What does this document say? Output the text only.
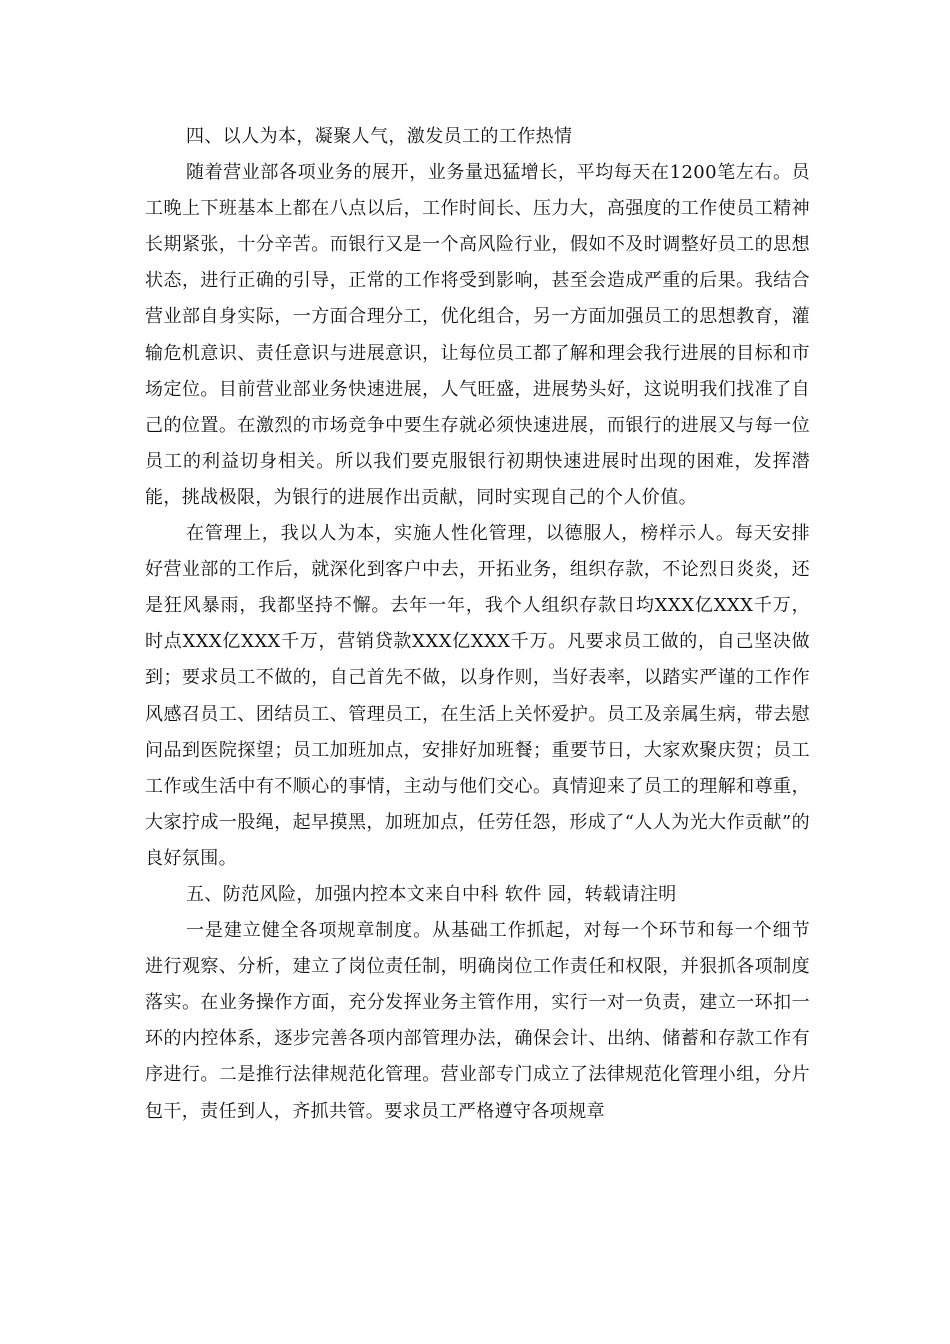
四、以人为本，凝聚人气，激发员工的工作热情

随着营业部各项业务的展开，业务量迅猛增长，平均每天在1200笔左右。员工晚上下班基本上都在八点以后，工作时间长、压力大，高强度的工作使员工精神长期紧张，十分辛苦。而银行又是一个高风险行业，假如不及时调整好员工的思想状态，进行正确的引导，正常的工作将受到影响，甚至会造成严重的后果。我结合营业部自身实际，一方面合理分工，优化组合，另一方面加强员工的思想教育，灌输危机意识、责任意识与进展意识，让每位员工都了解和理会我行进展的目标和市场定位。目前营业部业务快速进展，人气旺盛，进展势头好，这说明我们找准了自己的位置。在激烈的市场竞争中要生存就必须快速进展，而银行的进展又与每一位员工的利益切身相关。所以我们要克服银行初期快速进展时出现的困难，发挥潜能，挑战极限，为银行的进展作出贡献，同时实现自己的个人价值。

在管理上，我以人为本，实施人性化管理，以德服人，榜样示人。每天安排好营业部的工作后，就深化到客户中去，开拓业务，组织存款，不论烈日炎炎，还是狂风暴雨，我都坚持不懈。去年一年，我个人组织存款日均XXX亿XXX千万，时点XXX亿XXX千万，营销贷款XXX亿XXX千万。凡要求员工做的，自己坚决做到；要求员工不做的，自己首先不做，以身作则，当好表率，以踏实严谨的工作作风感召员工、团结员工、管理员工，在生活上关怀爱护。员工及亲属生病，带去慰问品到医院探望；员工加班加点，安排好加班餐；重要节日，大家欢聚庆贺；员工工作或生活中有不顺心的事情，主动与他们交心。真情迎来了员工的理解和尊重，大家拧成一股绳，起早摸黑，加班加点，任劳任怨，形成了“人人为光大作贡献”的良好氛围。

五、防范风险，加强内控本文来自中科 软件 园，转载请注明

一是建立健全各项规章制度。从基础工作抓起，对每一个环节和每一个细节进行观察、分析，建立了岗位责任制，明确岗位工作责任和权限，并狠抓各项制度落实。在业务操作方面，充分发挥业务主管作用，实行一对一负责，建立一环扣一环的内控体系，逐步完善各项内部管理办法，确保会计、出纳、储蓄和存款工作有序进行。二是推行法律规范化管理。营业部专门成立了法律规范化管理小组，分片包干，责任到人，齐抓共管。要求员工严格遵守各项规章
